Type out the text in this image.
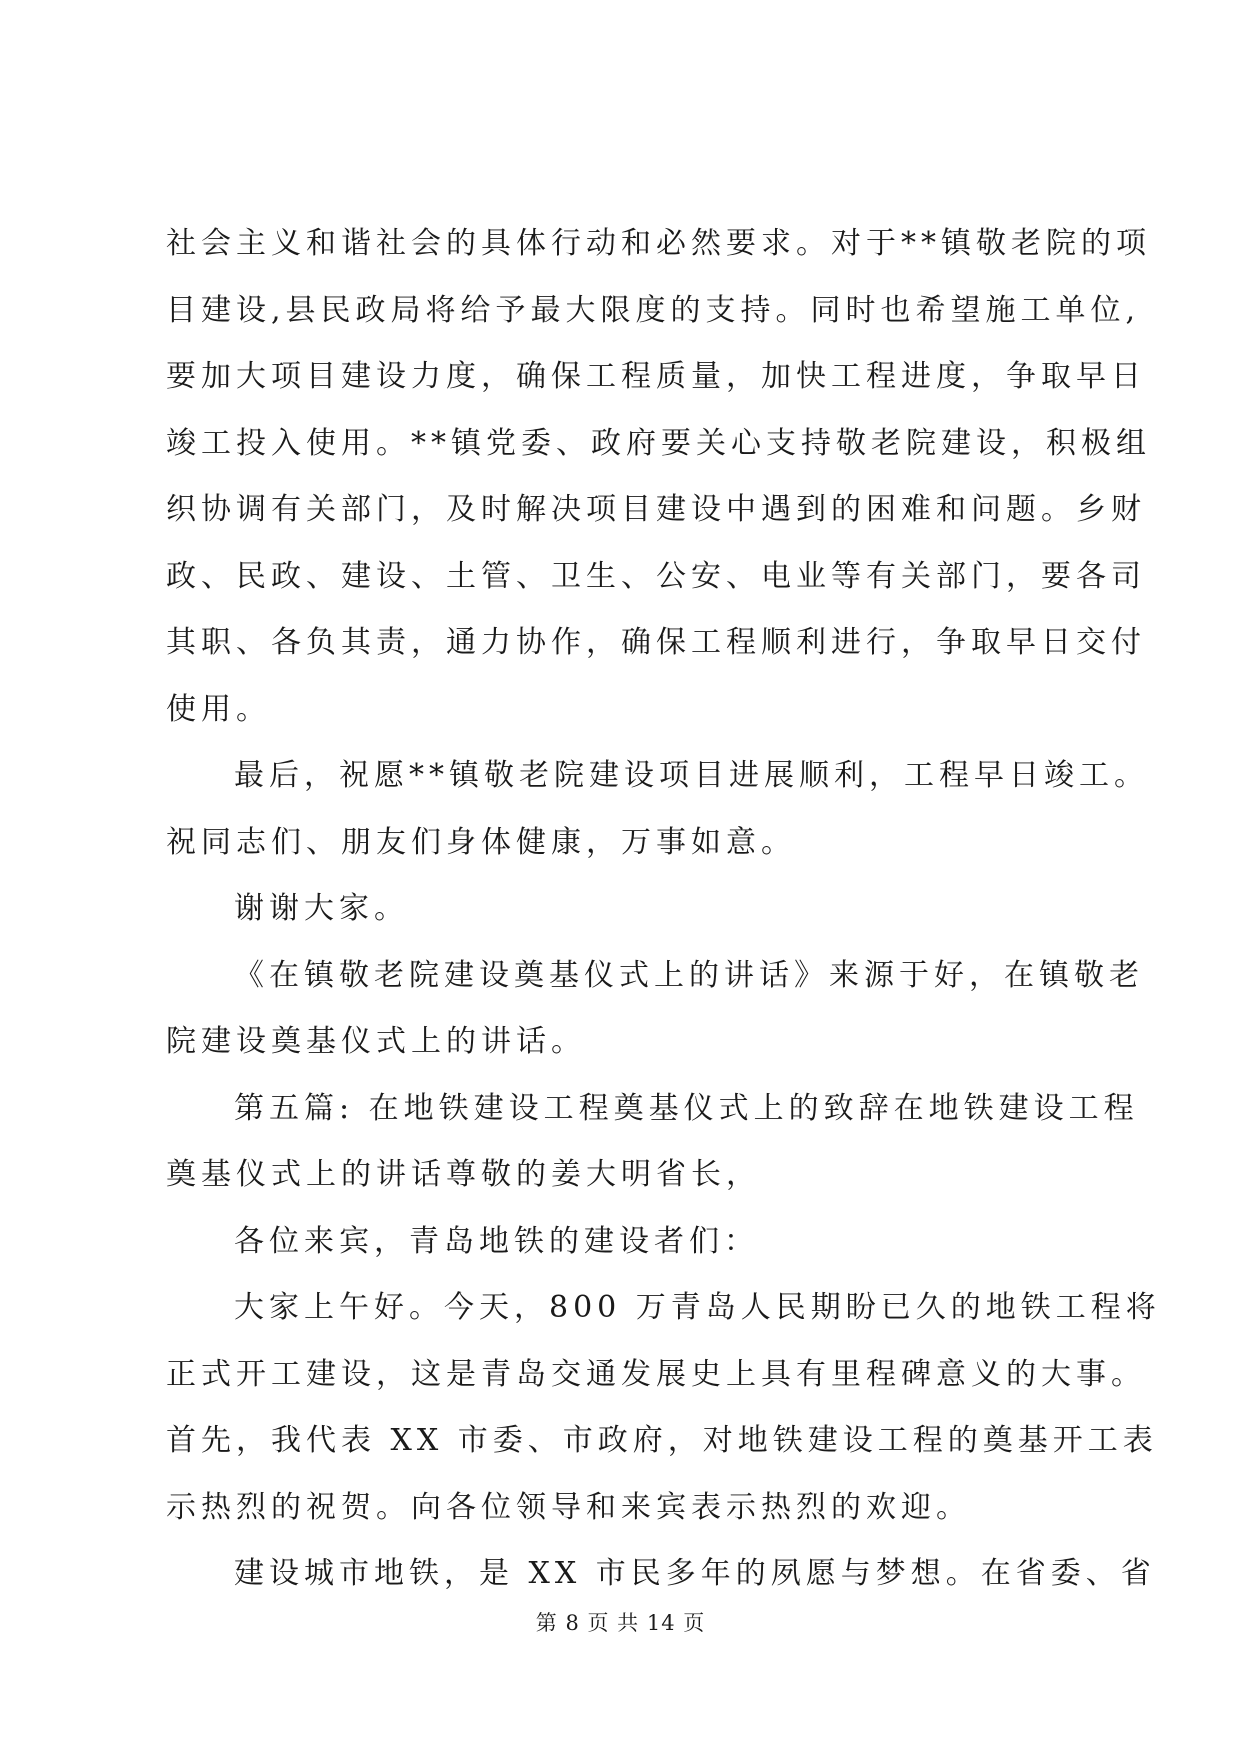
社会主义和谐社会的具体行动和必然要求。对于**镇敬老院的项

目建设,县民政局将给予最大限度的支持。同时也希望施工单位,

要加大项目建设力度，确保工程质量，加快工程进度，争取早日

竣工投入使用。**镇党委、政府要关心支持敬老院建设，积极组

织协调有关部门，及时解决项目建设中遇到的困难和问题。乡财

政、民政、建设、土管、卫生、公安、电业等有关部门，要各司

其职、各负其责，通力协作，确保工程顺利进行，争取早日交付

使用。

最后，祝愿**镇敬老院建设项目进展顺利，工程早日竣工。

祝同志们、朋友们身体健康，万事如意。

谢谢大家。

《在镇敬老院建设奠基仪式上的讲话》来源于好，在镇敬老

院建设奠基仪式上的讲话。

第五篇: 在地铁建设工程奠基仪式上的致辞在地铁建设工程

奠基仪式上的讲话尊敬的姜大明省长，

各位来宾，青岛地铁的建设者们：

大家上午好。今天，800 万青岛人民期盼已久的地铁工程将

正式开工建设，这是青岛交通发展史上具有里程碑意义的大事。

首先，我代表 XX 市委、市政府，对地铁建设工程的奠基开工表

示热烈的祝贺。向各位领导和来宾表示热烈的欢迎。

建设城市地铁，是 XX 市民多年的夙愿与梦想。在省委、省

第 8 页 共 14 页
